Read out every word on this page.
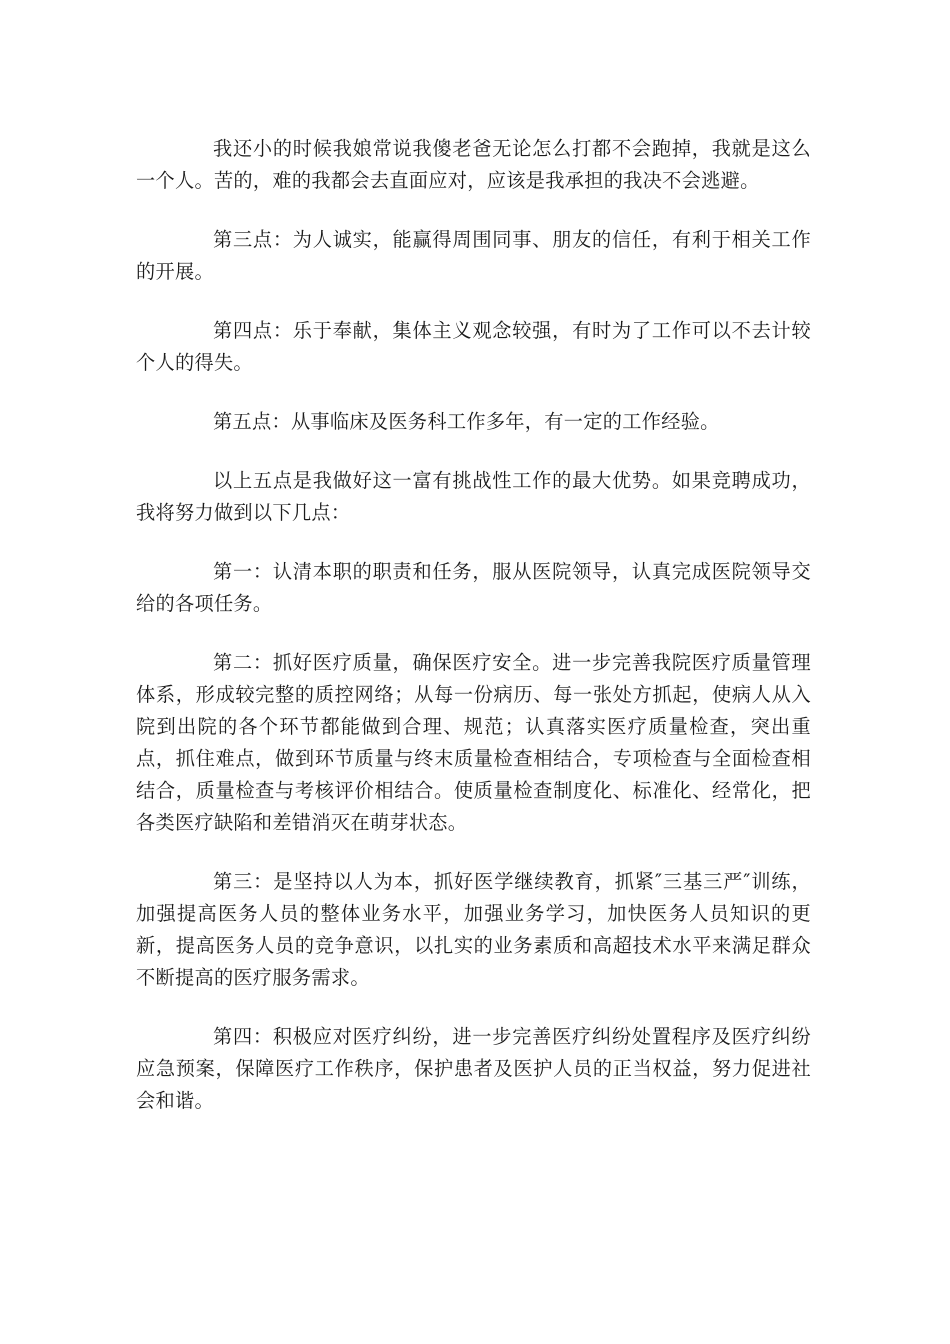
我还小的时候我娘常说我傻老爸无论怎么打都不会跑掉，我就是这么一个人。苦的，难的我都会去直面应对，应该是我承担的我决不会逃避。

第三点：为人诚实，能赢得周围同事、朋友的信任，有利于相关工作的开展。

第四点：乐于奉献，集体主义观念较强，有时为了工作可以不去计较个人的得失。

第五点：从事临床及医务科工作多年，有一定的工作经验。

以上五点是我做好这一富有挑战性工作的最大优势。如果竞聘成功，我将努力做到以下几点：

第一：认清本职的职责和任务，服从医院领导，认真完成医院领导交给的各项任务。

第二：抓好医疗质量，确保医疗安全。进一步完善我院医疗质量管理体系，形成较完整的质控网络；从每一份病历、每一张处方抓起，使病人从入院到出院的各个环节都能做到合理、规范；认真落实医疗质量检查，突出重点，抓住难点，做到环节质量与终末质量检查相结合，专项检查与全面检查相结合，质量检查与考核评价相结合。使质量检查制度化、标准化、经常化，把各类医疗缺陷和差错消灭在萌芽状态。

第三：是坚持以人为本，抓好医学继续教育，抓紧″三基三严″训练，加强提高医务人员的整体业务水平，加强业务学习，加快医务人员知识的更新，提高医务人员的竞争意识，以扎实的业务素质和高超技术水平来满足群众不断提高的医疗服务需求。

第四：积极应对医疗纠纷，进一步完善医疗纠纷处置程序及医疗纠纷应急预案，保障医疗工作秩序，保护患者及医护人员的正当权益，努力促进社会和谐。
